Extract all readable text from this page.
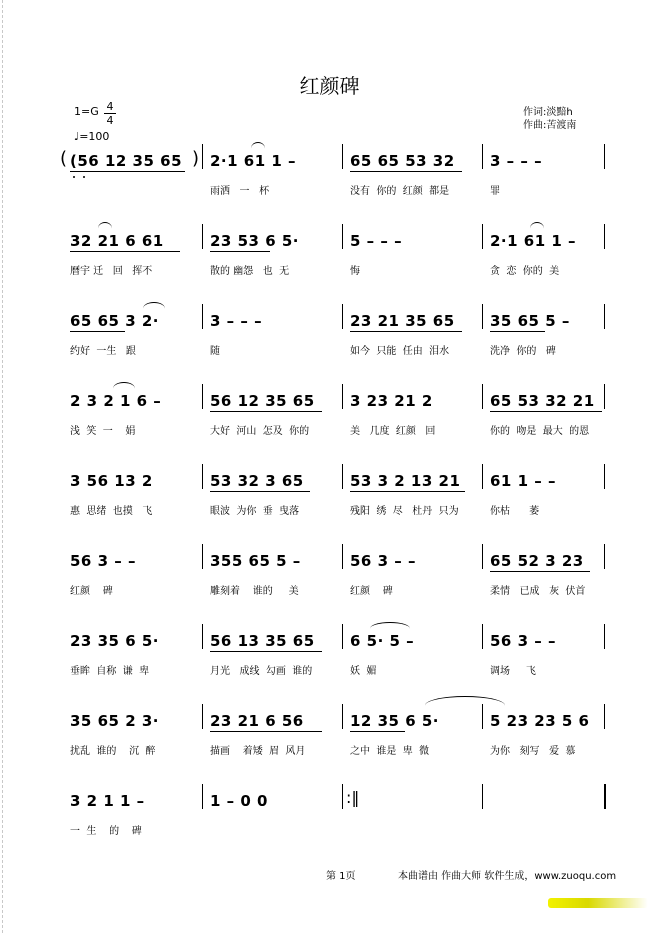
红颜碑
$1=G \frac{4}{4}$
♩=100
作词:淡黯h
作曲:苦渡南
(56 12 35 65 2·1 61 1 –
雨洒   一   杯
65 65 53 32
没有  你的  红颜  都是
3 – – –
罪
32 21 6 61
曆宇 迁   回   挥不
23 53 6 5·
散的 幽怨   也  无
5 – – –
悔
2·1 61 1 –
贪  恋  你的  美
65 65 3 2·
约好  一生   跟
3 – – –
随
23 21 35 65
如今  只能  任由  泪水
35 65 5 –
洗净  你的   碑
2 3 2 1 6 –
浅  笑  一    娟
56 12 35 65
大好  河山  怎及  你的
3 23 21 2
美   几度  红颜   回
65 53 32 21
你的  吻是  最大  的恩
3 56 13 2
惠  思绪  也摸   飞
53 32 3 65
眼波  为你  垂  曳落
53 3 2 13 21
残阳  绣  尽   杜丹  只为
61 1 – –
你枯      萎
56 3 – –
红颜    碑
355 65 5 –
雕刻着    谁的     美
56 3 – –
红颜    碑
65 52 3 23
柔情   已成   灰  伏首
23 35 6 5·
垂眸  自称  谦  卑
56 13 35 65
月光   成线  勾画  谁的
6 5· 5 –
妖  媚
56 3 – –
调场     飞
35 65 2 3·
扰乱  谁的    沉  醉
23 21 6 56
描画    着矮  眉  风月
12 35 6 5·
之中  谁是  卑  微
5 23 23 5 6
为你   刻写   爱  慕
3 2 1 1 –
一  生    的    碑
1 – 0 0
(	)
:‖
第 1页	本曲谱由 作曲大师 软件生成，www.zuoqu.com
